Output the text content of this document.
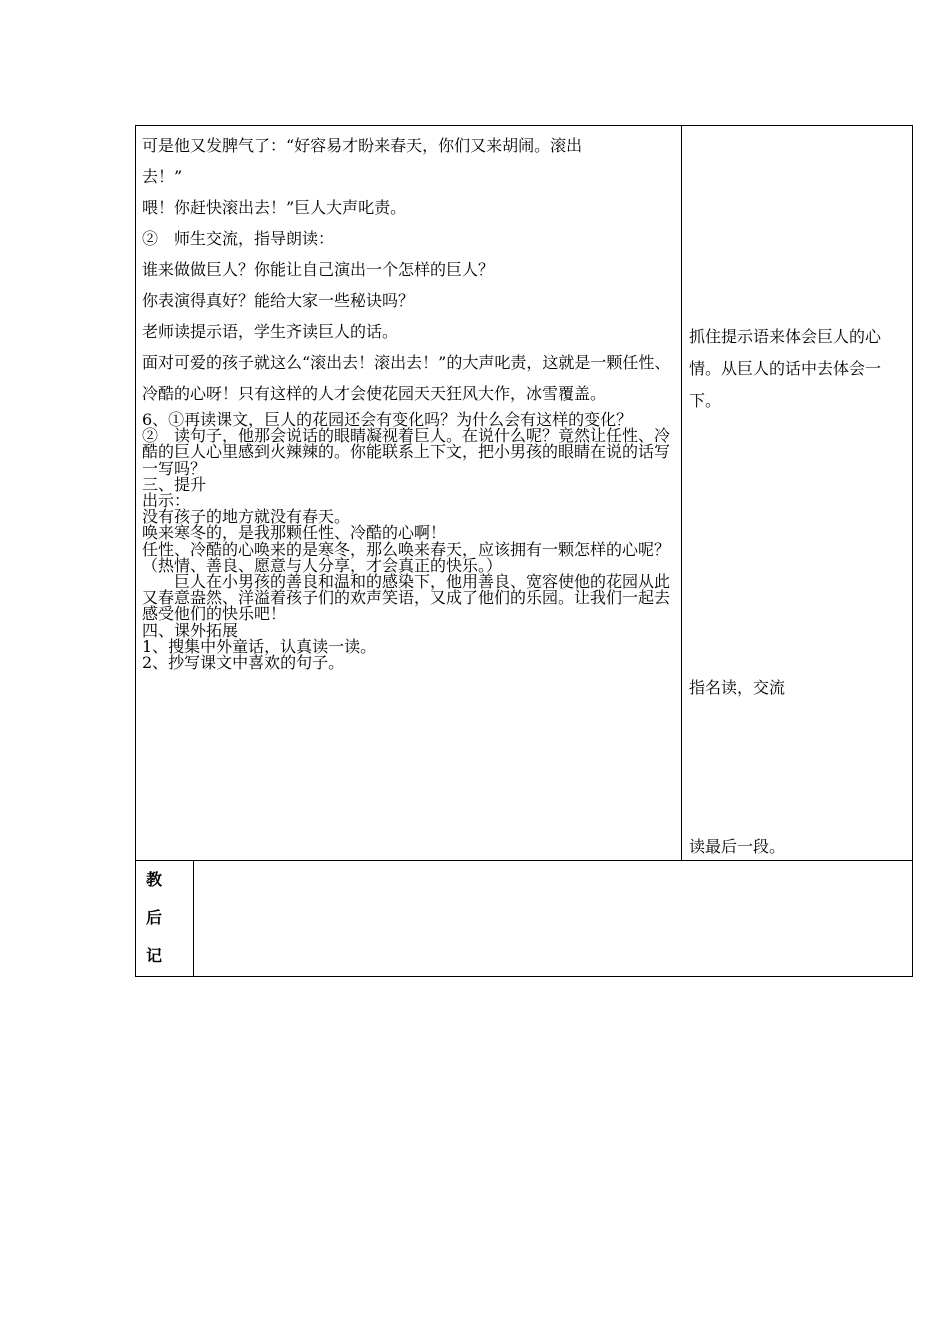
可是他又发脾气了：“好容易才盼来春天，你们又来胡闹。滚出

去！”

喂！你赶快滚出去！”巨人大声叱责。

②　师生交流，指导朗读：

谁来做做巨人？你能让自己演出一个怎样的巨人？

你表演得真好？能给大家一些秘诀吗？

老师读提示语，学生齐读巨人的话。

面对可爱的孩子就这么“滚出去！滚出去！”的大声叱责，这就是一颗任性、冷酷的心呀！只有这样的人才会使花园天天狂风大作，冰雪覆盖。

6、①再读课文，巨人的花园还会有变化吗？为什么会有这样的变化？

②　读句子，他那会说话的眼睛凝视着巨人。在说什么呢？竟然让任性、冷酷的巨人心里感到火辣辣的。你能联系上下文，把小男孩的眼睛在说的话写一写吗？

三、提升

出示：

没有孩子的地方就没有春天。

唤来寒冬的，是我那颗任性、冷酷的心啊！

任性、冷酷的心唤来的是寒冬，那么唤来春天，应该拥有一颗怎样的心呢？

（热情、善良、愿意与人分享，才会真正的快乐。）

巨人在小男孩的善良和温和的感染下，他用善良、宽容使他的花园从此又春意盎然、洋溢着孩子们的欢声笑语，又成了他们的乐园。让我们一起去感受他们的快乐吧！

四、课外拓展

1、搜集中外童话，认真读一读。

2、抄写课文中喜欢的句子。

抓住提示语来体会巨人的心情。从巨人的话中去体会一下。

指名读，交流

读最后一段。

教
后
记
